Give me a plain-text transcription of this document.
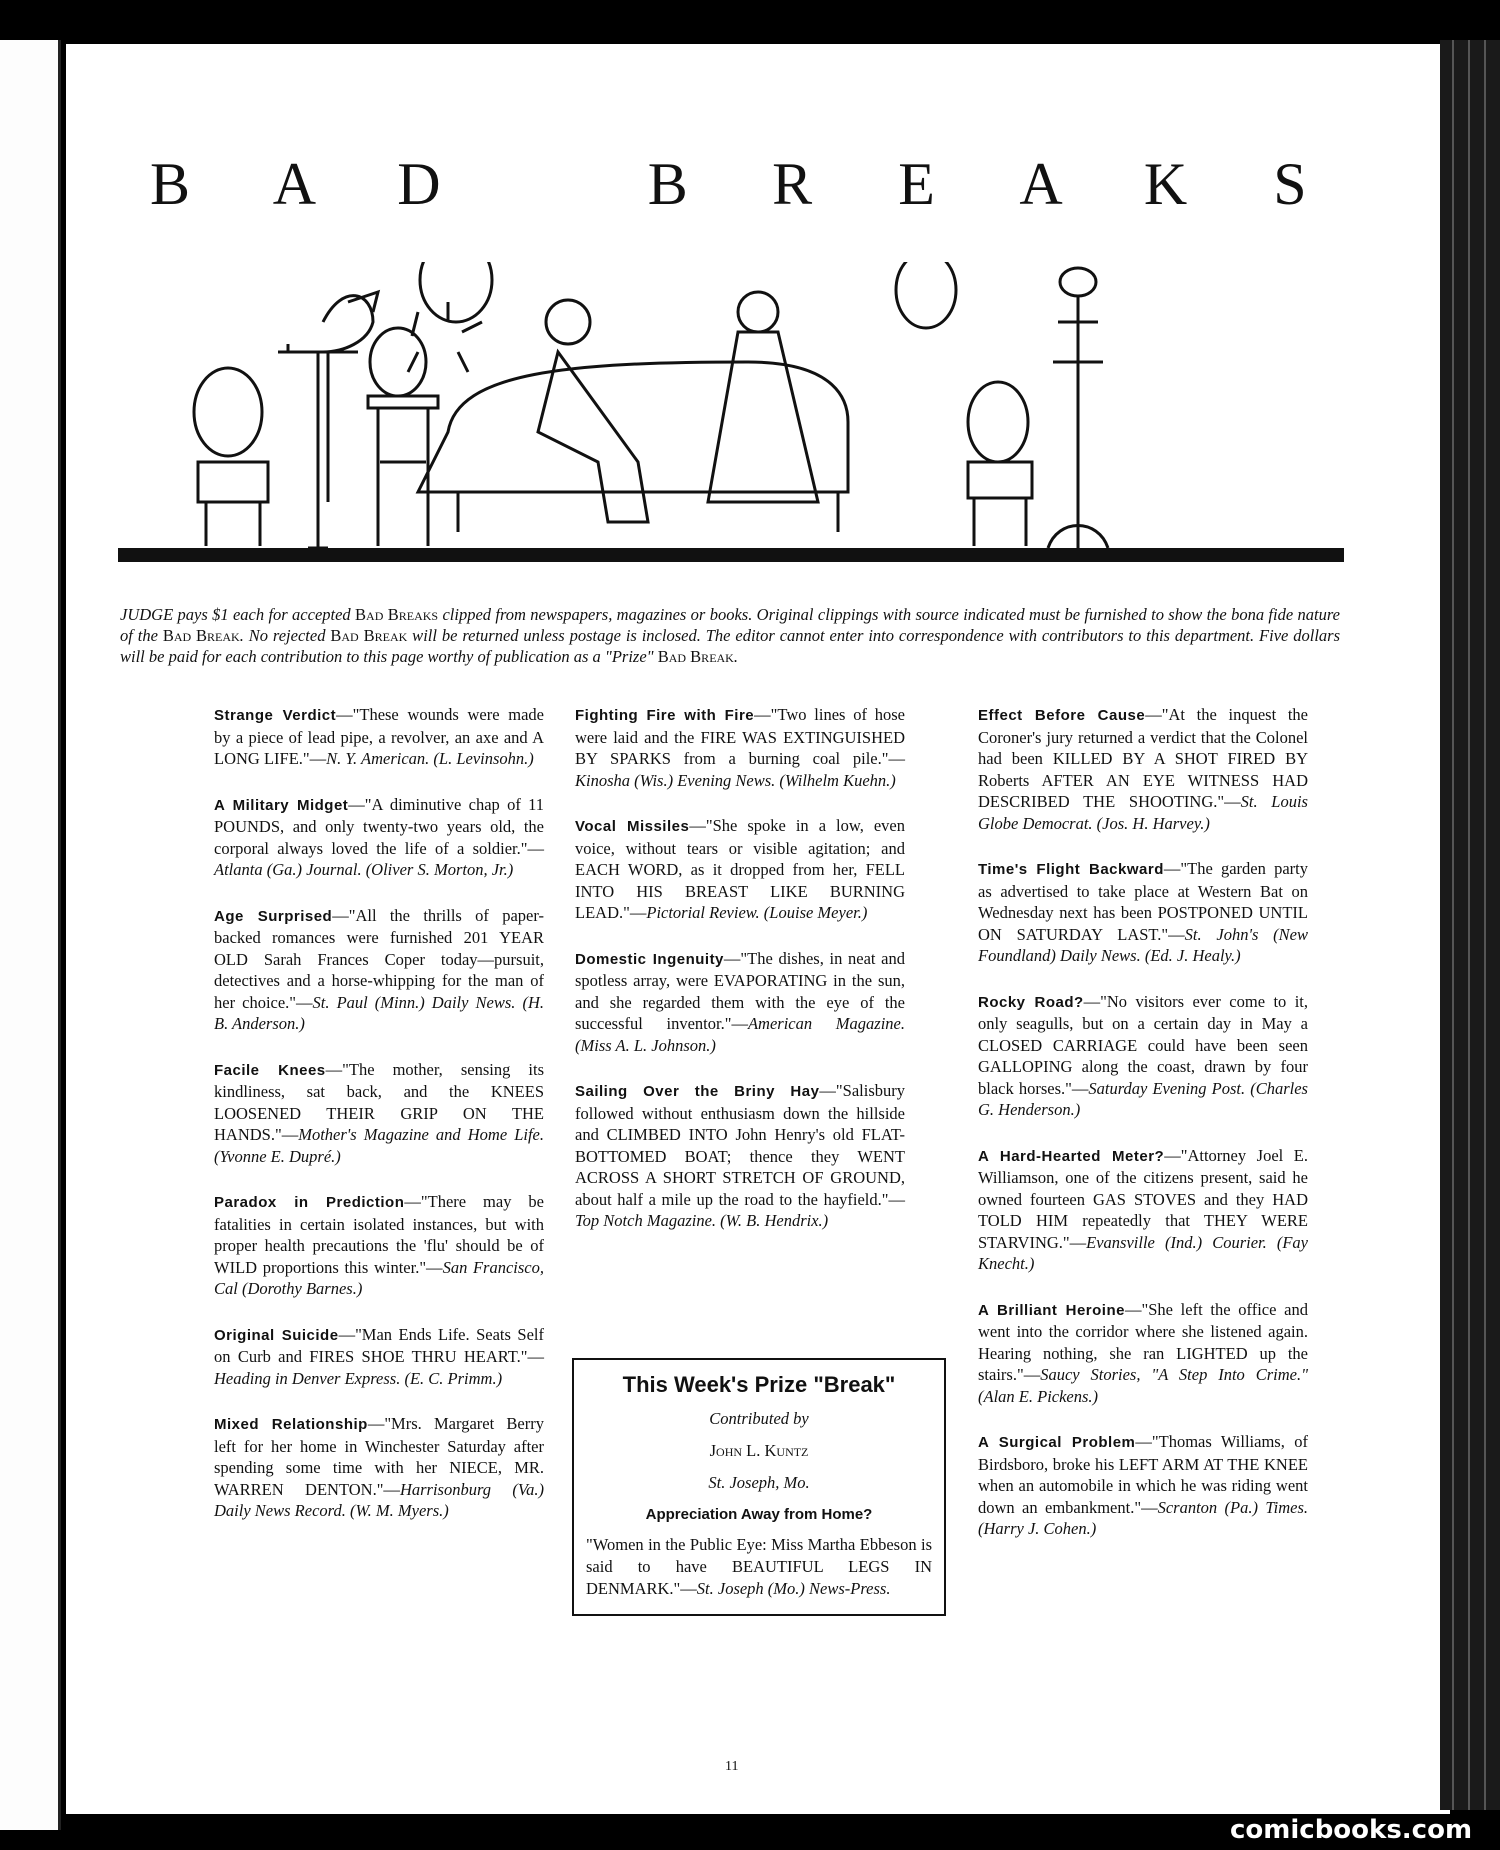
B	A	D	B	R	E	A	K	S
JUDGE pays $1 each for accepted Bad Breaks clipped from newspapers, magazines or books. Original clippings with source indicated must be furnished to show the bona fide nature of the Bad Break. No rejected Bad Break will be returned unless postage is inclosed. The editor cannot enter into correspondence with contributors to this department. Five dollars will be paid for each contribution to this page worthy of publication as a "Prize" Bad Break.
Strange Verdict—"These wounds were made by a piece of lead pipe, a revolver, an axe and A LONG LIFE."—N. Y. American. (L. Levinsohn.)
A Military Midget—"A diminutive chap of 11 POUNDS, and only twenty-two years old, the corporal always loved the life of a soldier."—Atlanta (Ga.) Journal. (Oliver S. Morton, Jr.)
Age Surprised—"All the thrills of paper-backed romances were furnished 201 YEAR OLD Sarah Frances Coper today—pursuit, detectives and a horse-whipping for the man of her choice."—St. Paul (Minn.) Daily News. (H. B. Anderson.)
Facile Knees—"The mother, sensing its kindliness, sat back, and the KNEES LOOSENED THEIR GRIP ON THE HANDS."—Mother's Magazine and Home Life. (Yvonne E. Dupré.)
Paradox in Prediction—"There may be fatalities in certain isolated instances, but with proper health precautions the 'flu' should be of WILD proportions this winter."—San Francisco, Cal (Dorothy Barnes.)
Original Suicide—"Man Ends Life. Seats Self on Curb and FIRES SHOE THRU HEART."—Heading in Denver Express. (E. C. Primm.)
Mixed Relationship—"Mrs. Margaret Berry left for her home in Winchester Saturday after spending some time with her NIECE, MR. WARREN DENTON."—Harrisonburg (Va.) Daily News Record. (W. M. Myers.)
Fighting Fire with Fire—"Two lines of hose were laid and the FIRE WAS EXTINGUISHED BY SPARKS from a burning coal pile."—Kinosha (Wis.) Evening News. (Wilhelm Kuehn.)
Vocal Missiles—"She spoke in a low, even voice, without tears or visible agitation; and EACH WORD, as it dropped from her, FELL INTO HIS BREAST LIKE BURNING LEAD."—Pictorial Review. (Louise Meyer.)
Domestic Ingenuity—"The dishes, in neat and spotless array, were EVAPORATING in the sun, and she regarded them with the eye of the successful inventor."—American Magazine. (Miss A. L. Johnson.)
Sailing Over the Briny Hay—"Salisbury followed without enthusiasm down the hillside and CLIMBED INTO John Henry's old FLAT-BOTTOMED BOAT; thence they WENT ACROSS A SHORT STRETCH OF GROUND, about half a mile up the road to the hayfield."—Top Notch Magazine. (W. B. Hendrix.)
This Week's Prize "Break"
Contributed by
John L. Kuntz
St. Joseph, Mo.
Appreciation Away from Home?
"Women in the Public Eye: Miss Martha Ebbeson is said to have BEAUTIFUL LEGS IN DENMARK."—St. Joseph (Mo.) News-Press.
Effect Before Cause—"At the inquest the Coroner's jury returned a verdict that the Colonel had been KILLED BY A SHOT FIRED BY Roberts AFTER AN EYE WITNESS HAD DESCRIBED THE SHOOTING."—St. Louis Globe Democrat. (Jos. H. Harvey.)
Time's Flight Backward—"The garden party as advertised to take place at Western Bat on Wednesday next has been POSTPONED UNTIL ON SATURDAY LAST."—St. John's (New Foundland) Daily News. (Ed. J. Healy.)
Rocky Road?—"No visitors ever come to it, only seagulls, but on a certain day in May a CLOSED CARRIAGE could have been seen GALLOPING along the coast, drawn by four black horses."—Saturday Evening Post. (Charles G. Henderson.)
A Hard-Hearted Meter?—"Attorney Joel E. Williamson, one of the citizens present, said he owned fourteen GAS STOVES and they HAD TOLD HIM repeatedly that THEY WERE STARVING."—Evansville (Ind.) Courier. (Fay Knecht.)
A Brilliant Heroine—"She left the office and went into the corridor where she listened again. Hearing nothing, she ran LIGHTED up the stairs."—Saucy Stories, "A Step Into Crime." (Alan E. Pickens.)
A Surgical Problem—"Thomas Williams, of Birdsboro, broke his LEFT ARM AT THE KNEE when an automobile in which he was riding went down an embankment."—Scranton (Pa.) Times. (Harry J. Cohen.)
11
comicbooks.com
